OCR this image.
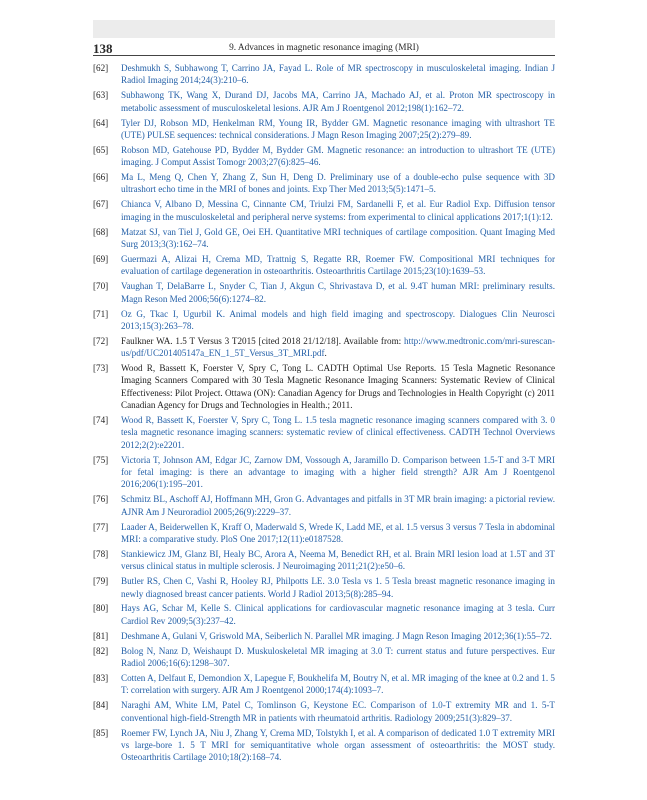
138	9. Advances in magnetic resonance imaging (MRI)
[62] Deshmukh S, Subhawong T, Carrino JA, Fayad L. Role of MR spectroscopy in musculoskeletal imaging. Indian J Radiol Imaging 2014;24(3):210–6.
[63] Subhawong TK, Wang X, Durand DJ, Jacobs MA, Carrino JA, Machado AJ, et al. Proton MR spectroscopy in metabolic assessment of musculoskeletal lesions. AJR Am J Roentgenol 2012;198(1):162–72.
[64] Tyler DJ, Robson MD, Henkelman RM, Young IR, Bydder GM. Magnetic resonance imaging with ultrashort TE (UTE) PULSE sequences: technical considerations. J Magn Reson Imaging 2007;25(2):279–89.
[65] Robson MD, Gatehouse PD, Bydder M, Bydder GM. Magnetic resonance: an introduction to ultrashort TE (UTE) imaging. J Comput Assist Tomogr 2003;27(6):825–46.
[66] Ma L, Meng Q, Chen Y, Zhang Z, Sun H, Deng D. Preliminary use of a double-echo pulse sequence with 3D ultrashort echo time in the MRI of bones and joints. Exp Ther Med 2013;5(5):1471–5.
[67] Chianca V, Albano D, Messina C, Cinnante CM, Triulzi FM, Sardanelli F, et al. Eur Radiol Exp. Diffusion tensor imaging in the musculoskeletal and peripheral nerve systems: from experimental to clinical applications 2017;1(1):12.
[68] Matzat SJ, van Tiel J, Gold GE, Oei EH. Quantitative MRI techniques of cartilage composition. Quant Imaging Med Surg 2013;3(3):162–74.
[69] Guermazi A, Alizai H, Crema MD, Trattnig S, Regatte RR, Roemer FW. Compositional MRI techniques for evaluation of cartilage degeneration in osteoarthritis. Osteoarthritis Cartilage 2015;23(10):1639–53.
[70] Vaughan T, DelaBarre L, Snyder C, Tian J, Akgun C, Shrivastava D, et al. 9.4T human MRI: preliminary results. Magn Reson Med 2006;56(6):1274–82.
[71] Oz G, Tkac I, Ugurbil K. Animal models and high field imaging and spectroscopy. Dialogues Clin Neurosci 2013;15(3):263–78.
[72] Faulkner WA. 1.5 T Versus 3 T2015 [cited 2018 21/12/18]. Available from: http://www.medtronic.com/mri-surescan-us/pdf/UC201405147a_EN_1_5T_Versus_3T_MRI.pdf.
[73] Wood R, Bassett K, Foerster V, Spry C, Tong L. CADTH Optimal Use Reports. 15 Tesla Magnetic Resonance Imaging Scanners Compared with 30 Tesla Magnetic Resonance Imaging Scanners: Systematic Review of Clinical Effectiveness: Pilot Project. Ottawa (ON): Canadian Agency for Drugs and Technologies in Health Copyright (c) 2011 Canadian Agency for Drugs and Technologies in Health.; 2011.
[74] Wood R, Bassett K, Foerster V, Spry C, Tong L. 1.5 tesla magnetic resonance imaging scanners compared with 3. 0 tesla magnetic resonance imaging scanners: systematic review of clinical effectiveness. CADTH Technol Overviews 2012;2(2):e2201.
[75] Victoria T, Johnson AM, Edgar JC, Zarnow DM, Vossough A, Jaramillo D. Comparison between 1.5-T and 3-T MRI for fetal imaging: is there an advantage to imaging with a higher field strength? AJR Am J Roentgenol 2016;206(1):195–201.
[76] Schmitz BL, Aschoff AJ, Hoffmann MH, Gron G. Advantages and pitfalls in 3T MR brain imaging: a pictorial review. AJNR Am J Neuroradiol 2005;26(9):2229–37.
[77] Laader A, Beiderwellen K, Kraff O, Maderwald S, Wrede K, Ladd ME, et al. 1.5 versus 3 versus 7 Tesla in abdominal MRI: a comparative study. PloS One 2017;12(11):e0187528.
[78] Stankiewicz JM, Glanz BI, Healy BC, Arora A, Neema M, Benedict RH, et al. Brain MRI lesion load at 1.5T and 3T versus clinical status in multiple sclerosis. J Neuroimaging 2011;21(2):e50–6.
[79] Butler RS, Chen C, Vashi R, Hooley RJ, Philpotts LE. 3.0 Tesla vs 1. 5 Tesla breast magnetic resonance imaging in newly diagnosed breast cancer patients. World J Radiol 2013;5(8):285–94.
[80] Hays AG, Schar M, Kelle S. Clinical applications for cardiovascular magnetic resonance imaging at 3 tesla. Curr Cardiol Rev 2009;5(3):237–42.
[81] Deshmane A, Gulani V, Griswold MA, Seiberlich N. Parallel MR imaging. J Magn Reson Imaging 2012;36(1):55–72.
[82] Bolog N, Nanz D, Weishaupt D. Muskuloskeletal MR imaging at 3.0 T: current status and future perspectives. Eur Radiol 2006;16(6):1298–307.
[83] Cotten A, Delfaut E, Demondion X, Lapegue F, Boukhelifa M, Boutry N, et al. MR imaging of the knee at 0.2 and 1. 5 T: correlation with surgery. AJR Am J Roentgenol 2000;174(4):1093–7.
[84] Naraghi AM, White LM, Patel C, Tomlinson G, Keystone EC. Comparison of 1.0-T extremity MR and 1. 5-T conventional high-field-Strength MR in patients with rheumatoid arthritis. Radiology 2009;251(3):829–37.
[85] Roemer FW, Lynch JA, Niu J, Zhang Y, Crema MD, Tolstykh I, et al. A comparison of dedicated 1.0 T extremity MRI vs large-bore 1. 5 T MRI for semiquantitative whole organ assessment of osteoarthritis: the MOST study. Osteoarthritis Cartilage 2010;18(2):168–74.
